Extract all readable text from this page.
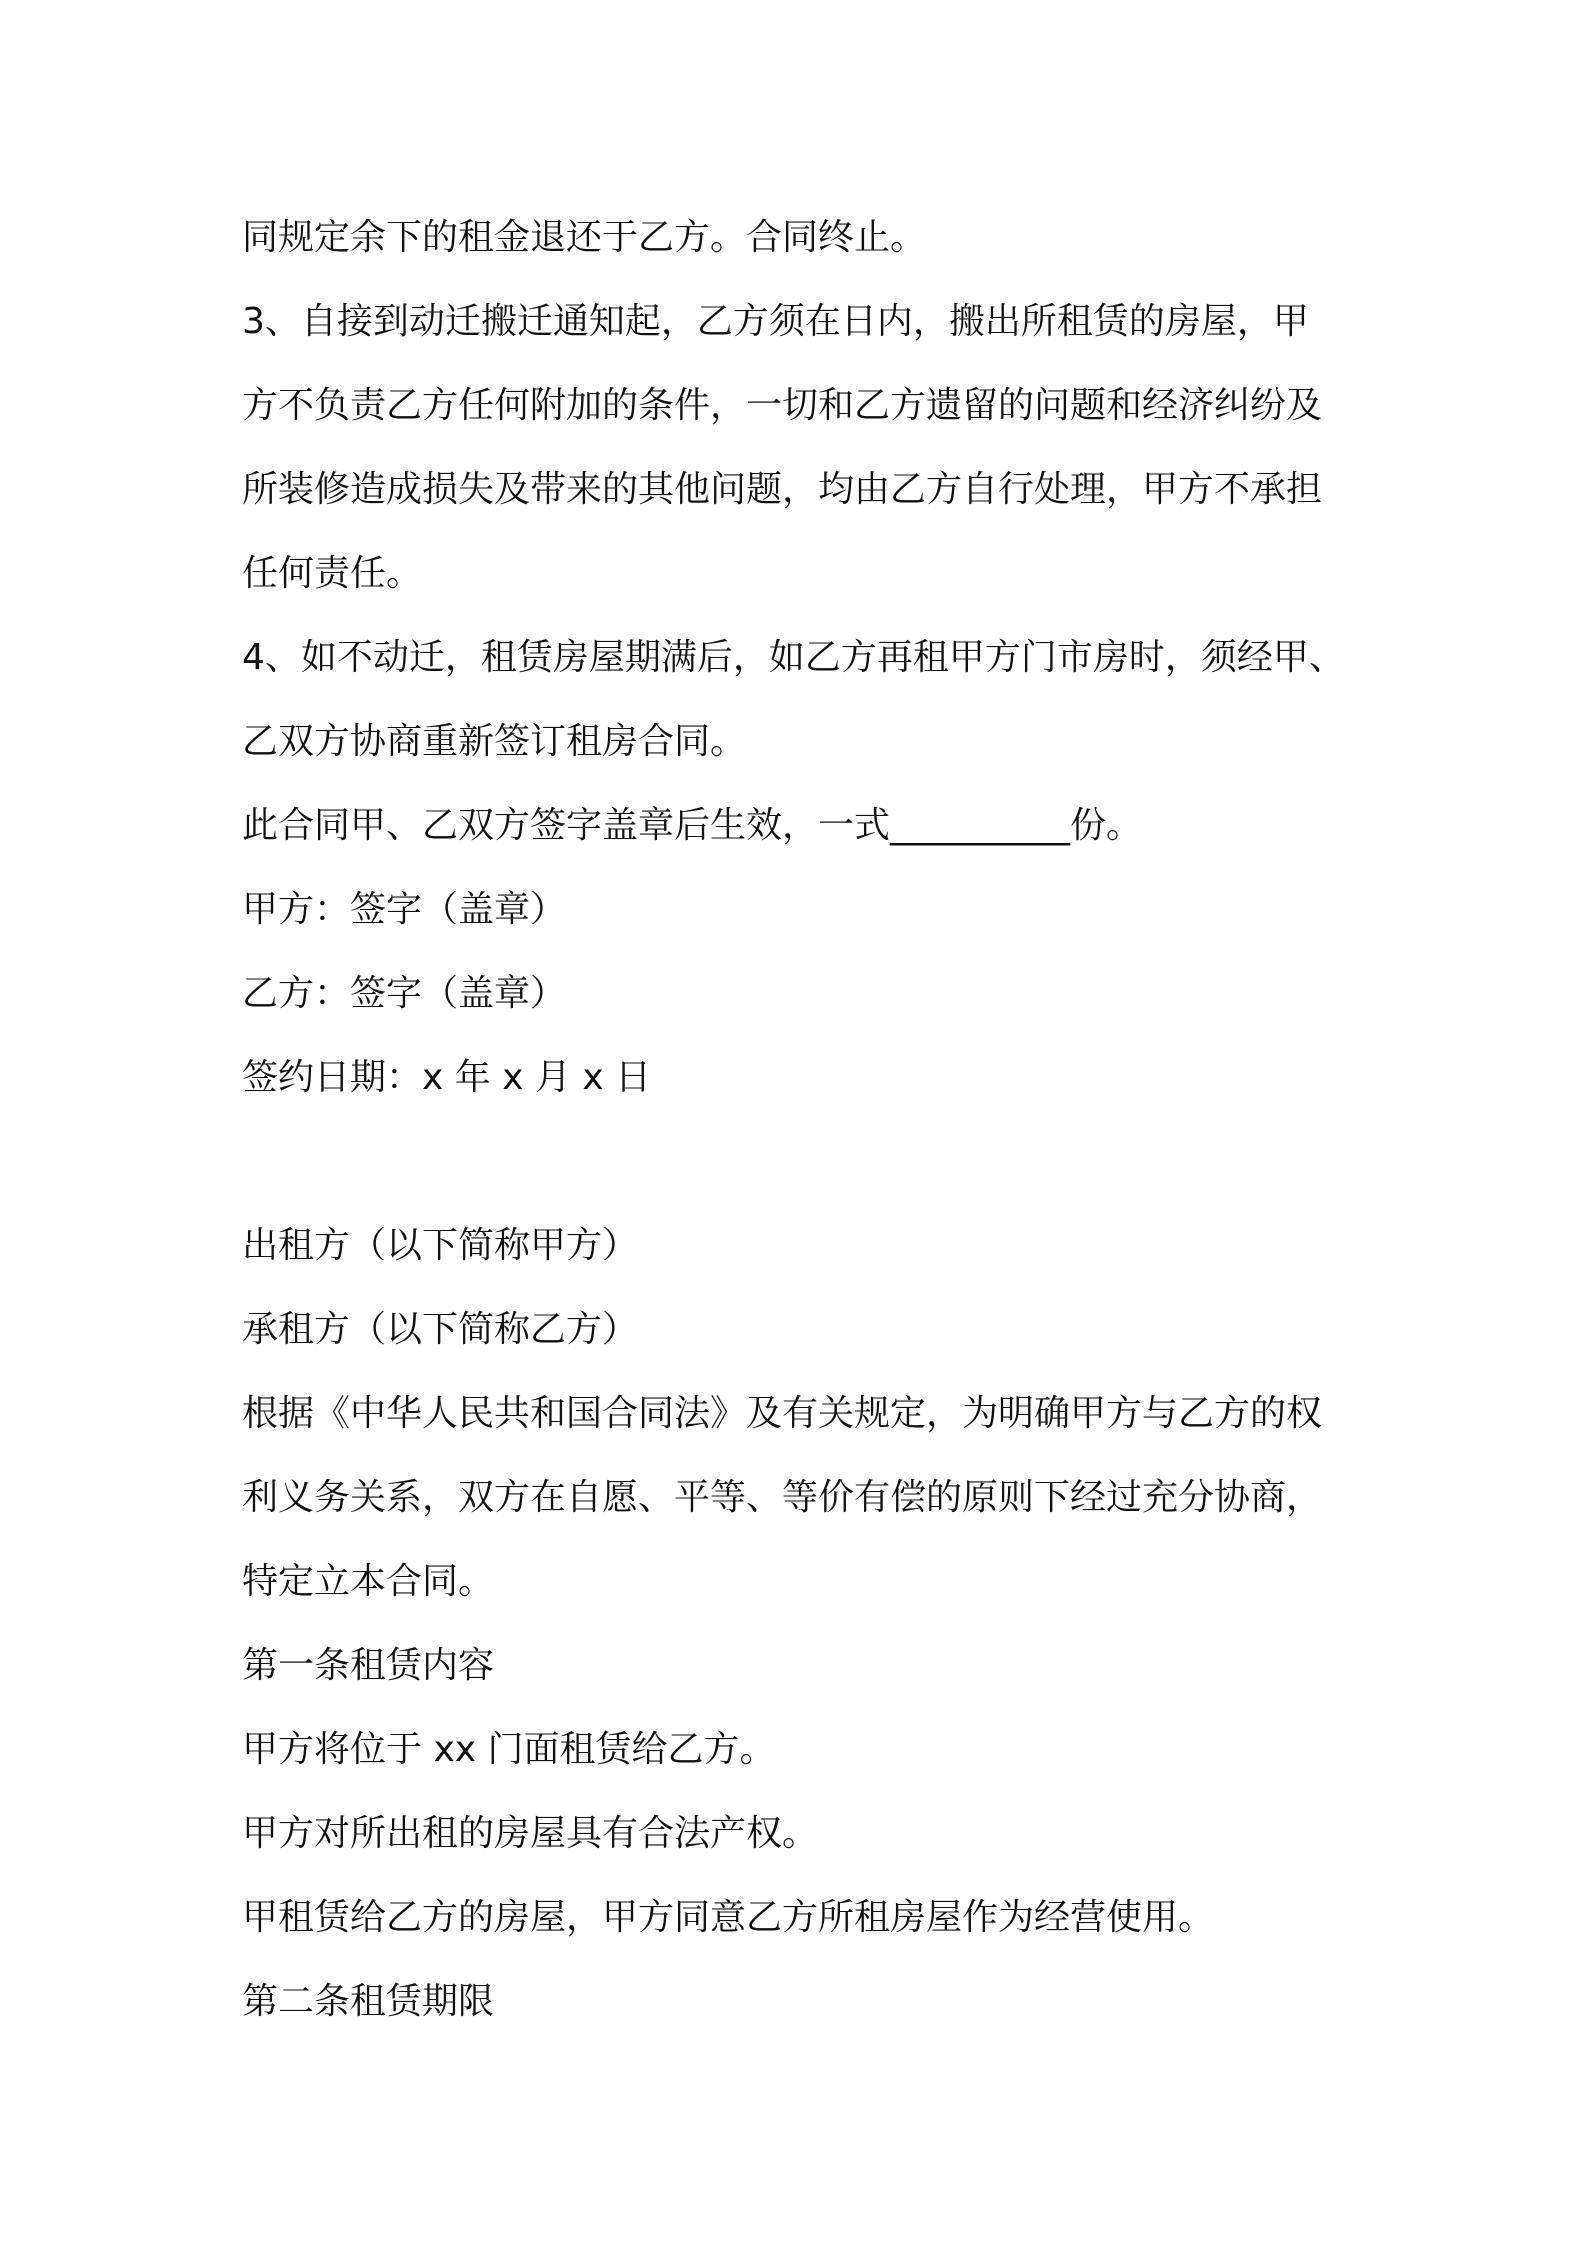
同规定余下的租金退还于乙方。合同终止。
3、自接到动迁搬迁通知起，乙方须在日内，搬出所租赁的房屋，甲
方不负责乙方任何附加的条件，一切和乙方遗留的问题和经济纠纷及
所装修造成损失及带来的其他问题，均由乙方自行处理，甲方不承担
任何责任。
4、如不动迁，租赁房屋期满后，如乙方再租甲方门市房时，须经甲、
乙双方协商重新签订租房合同。
此合同甲、乙双方签字盖章后生效，一式__________份。
甲方：签字（盖章）
乙方：签字（盖章）
签约日期：x 年 x 月 x 日
出租方（以下简称甲方）
承租方（以下简称乙方）
根据《中华人民共和国合同法》及有关规定，为明确甲方与乙方的权
利义务关系，双方在自愿、平等、等价有偿的原则下经过充分协商，
特定立本合同。
第一条租赁内容
甲方将位于 xx 门面租赁给乙方。
甲方对所出租的房屋具有合法产权。
甲租赁给乙方的房屋，甲方同意乙方所租房屋作为经营使用。
第二条租赁期限
